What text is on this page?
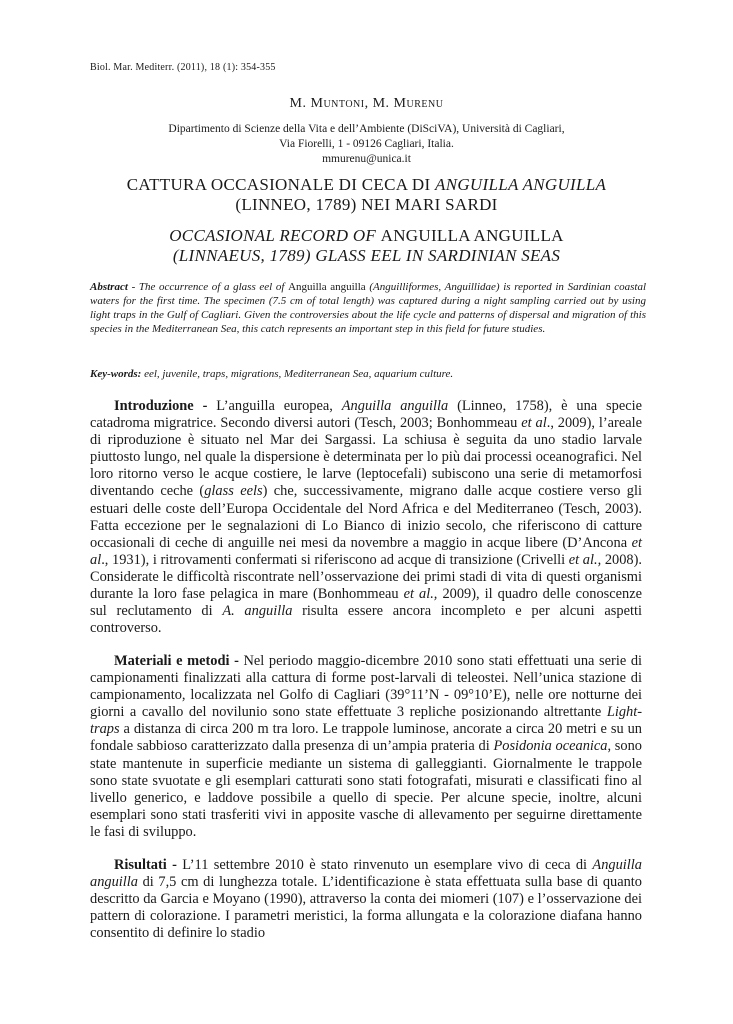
Biol. Mar. Mediterr. (2011), 18 (1): 354-355
M. Muntoni, M. Murenu
Dipartimento di Scienze della Vita e dell’Ambiente (DiSciVA), Università di Cagliari,
Via Fiorelli, 1 - 09126 Cagliari, Italia.
mmurenu@unica.it
CATTURA OCCASIONALE DI CECA DI ANGUILLA ANGUILLA
(LINNEO, 1789) NEI MARI SARDI
OCCASIONAL RECORD OF ANGUILLA ANGUILLA
(LINNAEUS, 1789) GLASS EEL IN SARDINIAN SEAS
Abstract - The occurrence of a glass eel of Anguilla anguilla (Anguilliformes, Anguillidae) is reported in Sardinian coastal waters for the first time. The specimen (7.5 cm of total length) was captured during a night sampling carried out by using light traps in the Gulf of Cagliari. Given the controversies about the life cycle and patterns of dispersal and migration of this species in the Mediterranean Sea, this catch represents an important step in this field for future studies.
Key-words: eel, juvenile, traps, migrations, Mediterranean Sea, aquarium culture.
Introduzione - L’anguilla europea, Anguilla anguilla (Linneo, 1758), è una specie catadroma migratrice. Secondo diversi autori (Tesch, 2003; Bonhommeau et al., 2009), l’areale di riproduzione è situato nel Mar dei Sargassi. La schiusa è seguita da uno stadio larvale piuttosto lungo, nel quale la dispersione è determinata per lo più dai processi oceanografici. Nel loro ritorno verso le acque costiere, le larve (leptocefali) subiscono una serie di metamorfosi diventando ceche (glass eels) che, successivamente, migrano dalle acque costiere verso gli estuari delle coste dell’Europa Occidentale del Nord Africa e del Mediterraneo (Tesch, 2003). Fatta eccezione per le segnalazioni di Lo Bianco di inizio secolo, che riferiscono di catture occasionali di ceche di anguille nei mesi da novembre a maggio in acque libere (D’Ancona et al., 1931), i ritrovamenti confermati si riferiscono ad acque di transizione (Crivelli et al., 2008). Considerate le difficoltà riscontrate nell’osservazione dei primi stadi di vita di questi organismi durante la loro fase pelagica in mare (Bonhommeau et al., 2009), il quadro delle conoscenze sul reclutamento di A. anguilla risulta essere ancora incompleto e per alcuni aspetti controverso.
Materiali e metodi - Nel periodo maggio-dicembre 2010 sono stati effettuati una serie di campionamenti finalizzati alla cattura di forme post-larvali di teleostei. Nell’unica stazione di campionamento, localizzata nel Golfo di Cagliari (39°11’N - 09°10’E), nelle ore notturne dei giorni a cavallo del novilunio sono state effettuate 3 repliche posizionando altrettante Light-traps a distanza di circa 200 m tra loro. Le trappole luminose, ancorate a circa 20 metri e su un fondale sabbioso caratterizzato dalla presenza di un’ampia prateria di Posidonia oceanica, sono state mantenute in superficie mediante un sistema di galleggianti. Giornalmente le trappole sono state svuotate e gli esemplari catturati sono stati fotografati, misurati e classificati fino al livello generico, e laddove possibile a quello di specie. Per alcune specie, inoltre, alcuni esemplari sono stati trasferiti vivi in apposite vasche di allevamento per seguirne direttamente le fasi di sviluppo.
Risultati - L’11 settembre 2010 è stato rinvenuto un esemplare vivo di ceca di Anguilla anguilla di 7,5 cm di lunghezza totale. L’identificazione è stata effettuata sulla base di quanto descritto da Garcia e Moyano (1990), attraverso la conta dei miomeri (107) e l’osservazione dei pattern di colorazione. I parametri meristici, la forma allungata e la colorazione diafana hanno consentito di definire lo stadio
